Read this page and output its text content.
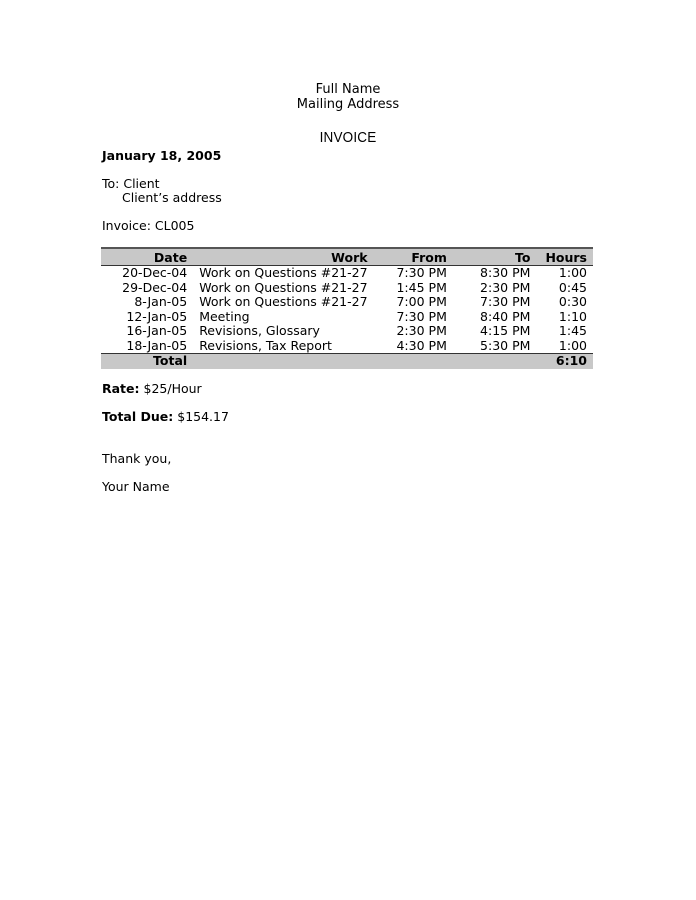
Full Name
Mailing Address
INVOICE
January 18, 2005
To: Client
Client’s address
Invoice: CL005
Date	Work	From	To	Hours
20-Dec-04	Work on Questions #21-27	7:30 PM	8:30 PM	1:00
29-Dec-04	Work on Questions #21-27	1:45 PM	2:30 PM	0:45
8-Jan-05	Work on Questions #21-27	7:00 PM	7:30 PM	0:30
12-Jan-05	Meeting	7:30 PM	8:40 PM	1:10
16-Jan-05	Revisions, Glossary	2:30 PM	4:15 PM	1:45
18-Jan-05	Revisions, Tax Report	4:30 PM	5:30 PM	1:00
Total				6:10
Rate: $25/Hour
Total Due: $154.17
Thank you,
Your Name
